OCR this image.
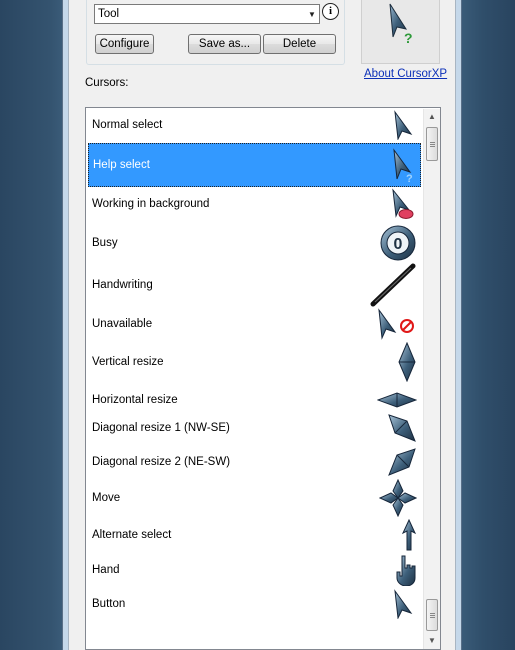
Tool	▼	i
Configure	Save as...	Delete	?
About CursorXP
Cursors:
Normal select
Help select
?
Working in background
Busy	0
Handwriting
Unavailable
Vertical resize
Horizontal resize
Diagonal resize 1 (NW-SE)
Diagonal resize 2 (NE-SW)
Move
Alternate select
Hand
Button
▲
▼
